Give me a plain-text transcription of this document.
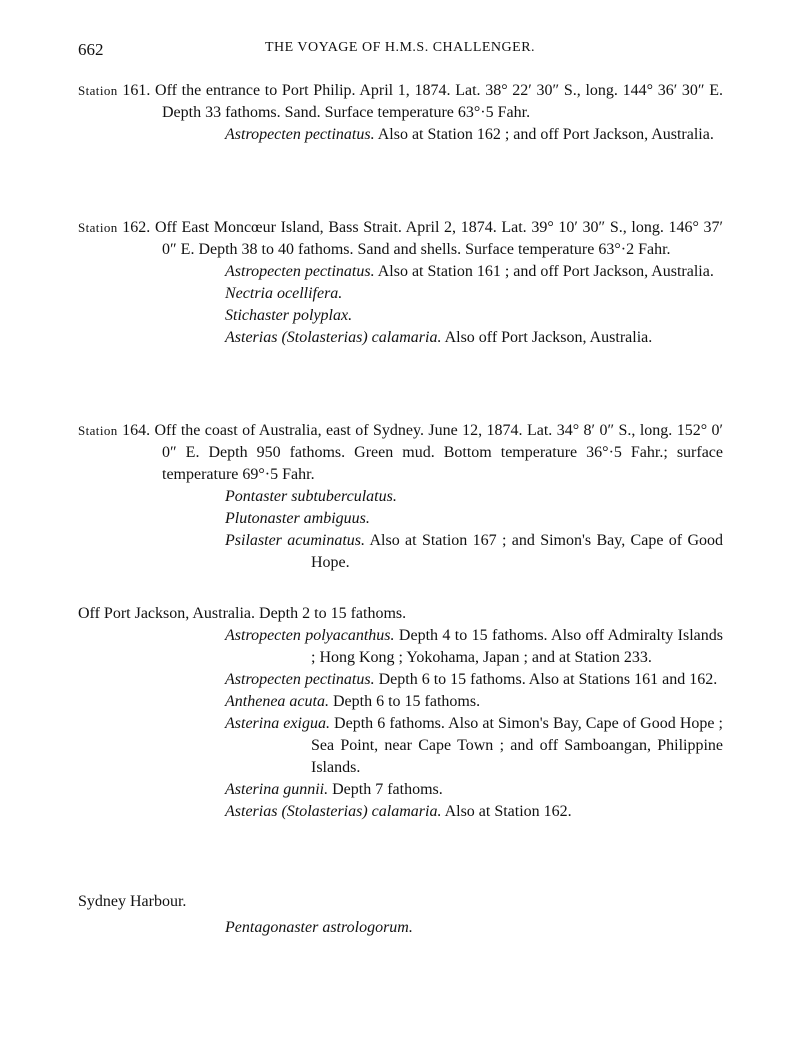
662	THE VOYAGE OF H.M.S. CHALLENGER.
Station 161. Off the entrance to Port Philip. April 1, 1874. Lat. 38° 22′ 30″ S., long. 144° 36′ 30″ E. Depth 33 fathoms. Sand. Surface temperature 63°·5 Fahr.
Astropecten pectinatus. Also at Station 162 ; and off Port Jackson, Australia.
Station 162. Off East Moncœur Island, Bass Strait. April 2, 1874. Lat. 39° 10′ 30″ S., long. 146° 37′ 0″ E. Depth 38 to 40 fathoms. Sand and shells. Surface temperature 63°·2 Fahr.
Astropecten pectinatus. Also at Station 161 ; and off Port Jackson, Australia.
Nectria ocellifera.
Stichaster polyplax.
Asterias (Stolasterias) calamaria. Also off Port Jackson, Australia.
Station 164. Off the coast of Australia, east of Sydney. June 12, 1874. Lat. 34° 8′ 0″ S., long. 152° 0′ 0″ E. Depth 950 fathoms. Green mud. Bottom temperature 36°·5 Fahr.; surface temperature 69°·5 Fahr.
Pontaster subtuberculatus.
Plutonaster ambiguus.
Psilaster acuminatus. Also at Station 167 ; and Simon's Bay, Cape of Good Hope.
Off Port Jackson, Australia. Depth 2 to 15 fathoms.
Astropecten polyacanthus. Depth 4 to 15 fathoms. Also off Admiralty Islands ; Hong Kong ; Yokohama, Japan ; and at Station 233.
Astropecten pectinatus. Depth 6 to 15 fathoms. Also at Stations 161 and 162.
Anthenea acuta. Depth 6 to 15 fathoms.
Asterina exigua. Depth 6 fathoms. Also at Simon's Bay, Cape of Good Hope ; Sea Point, near Cape Town ; and off Samboangan, Philippine Islands.
Asterina gunnii. Depth 7 fathoms.
Asterias (Stolasterias) calamaria. Also at Station 162.
Sydney Harbour.
Pentagonaster astrologorum.
